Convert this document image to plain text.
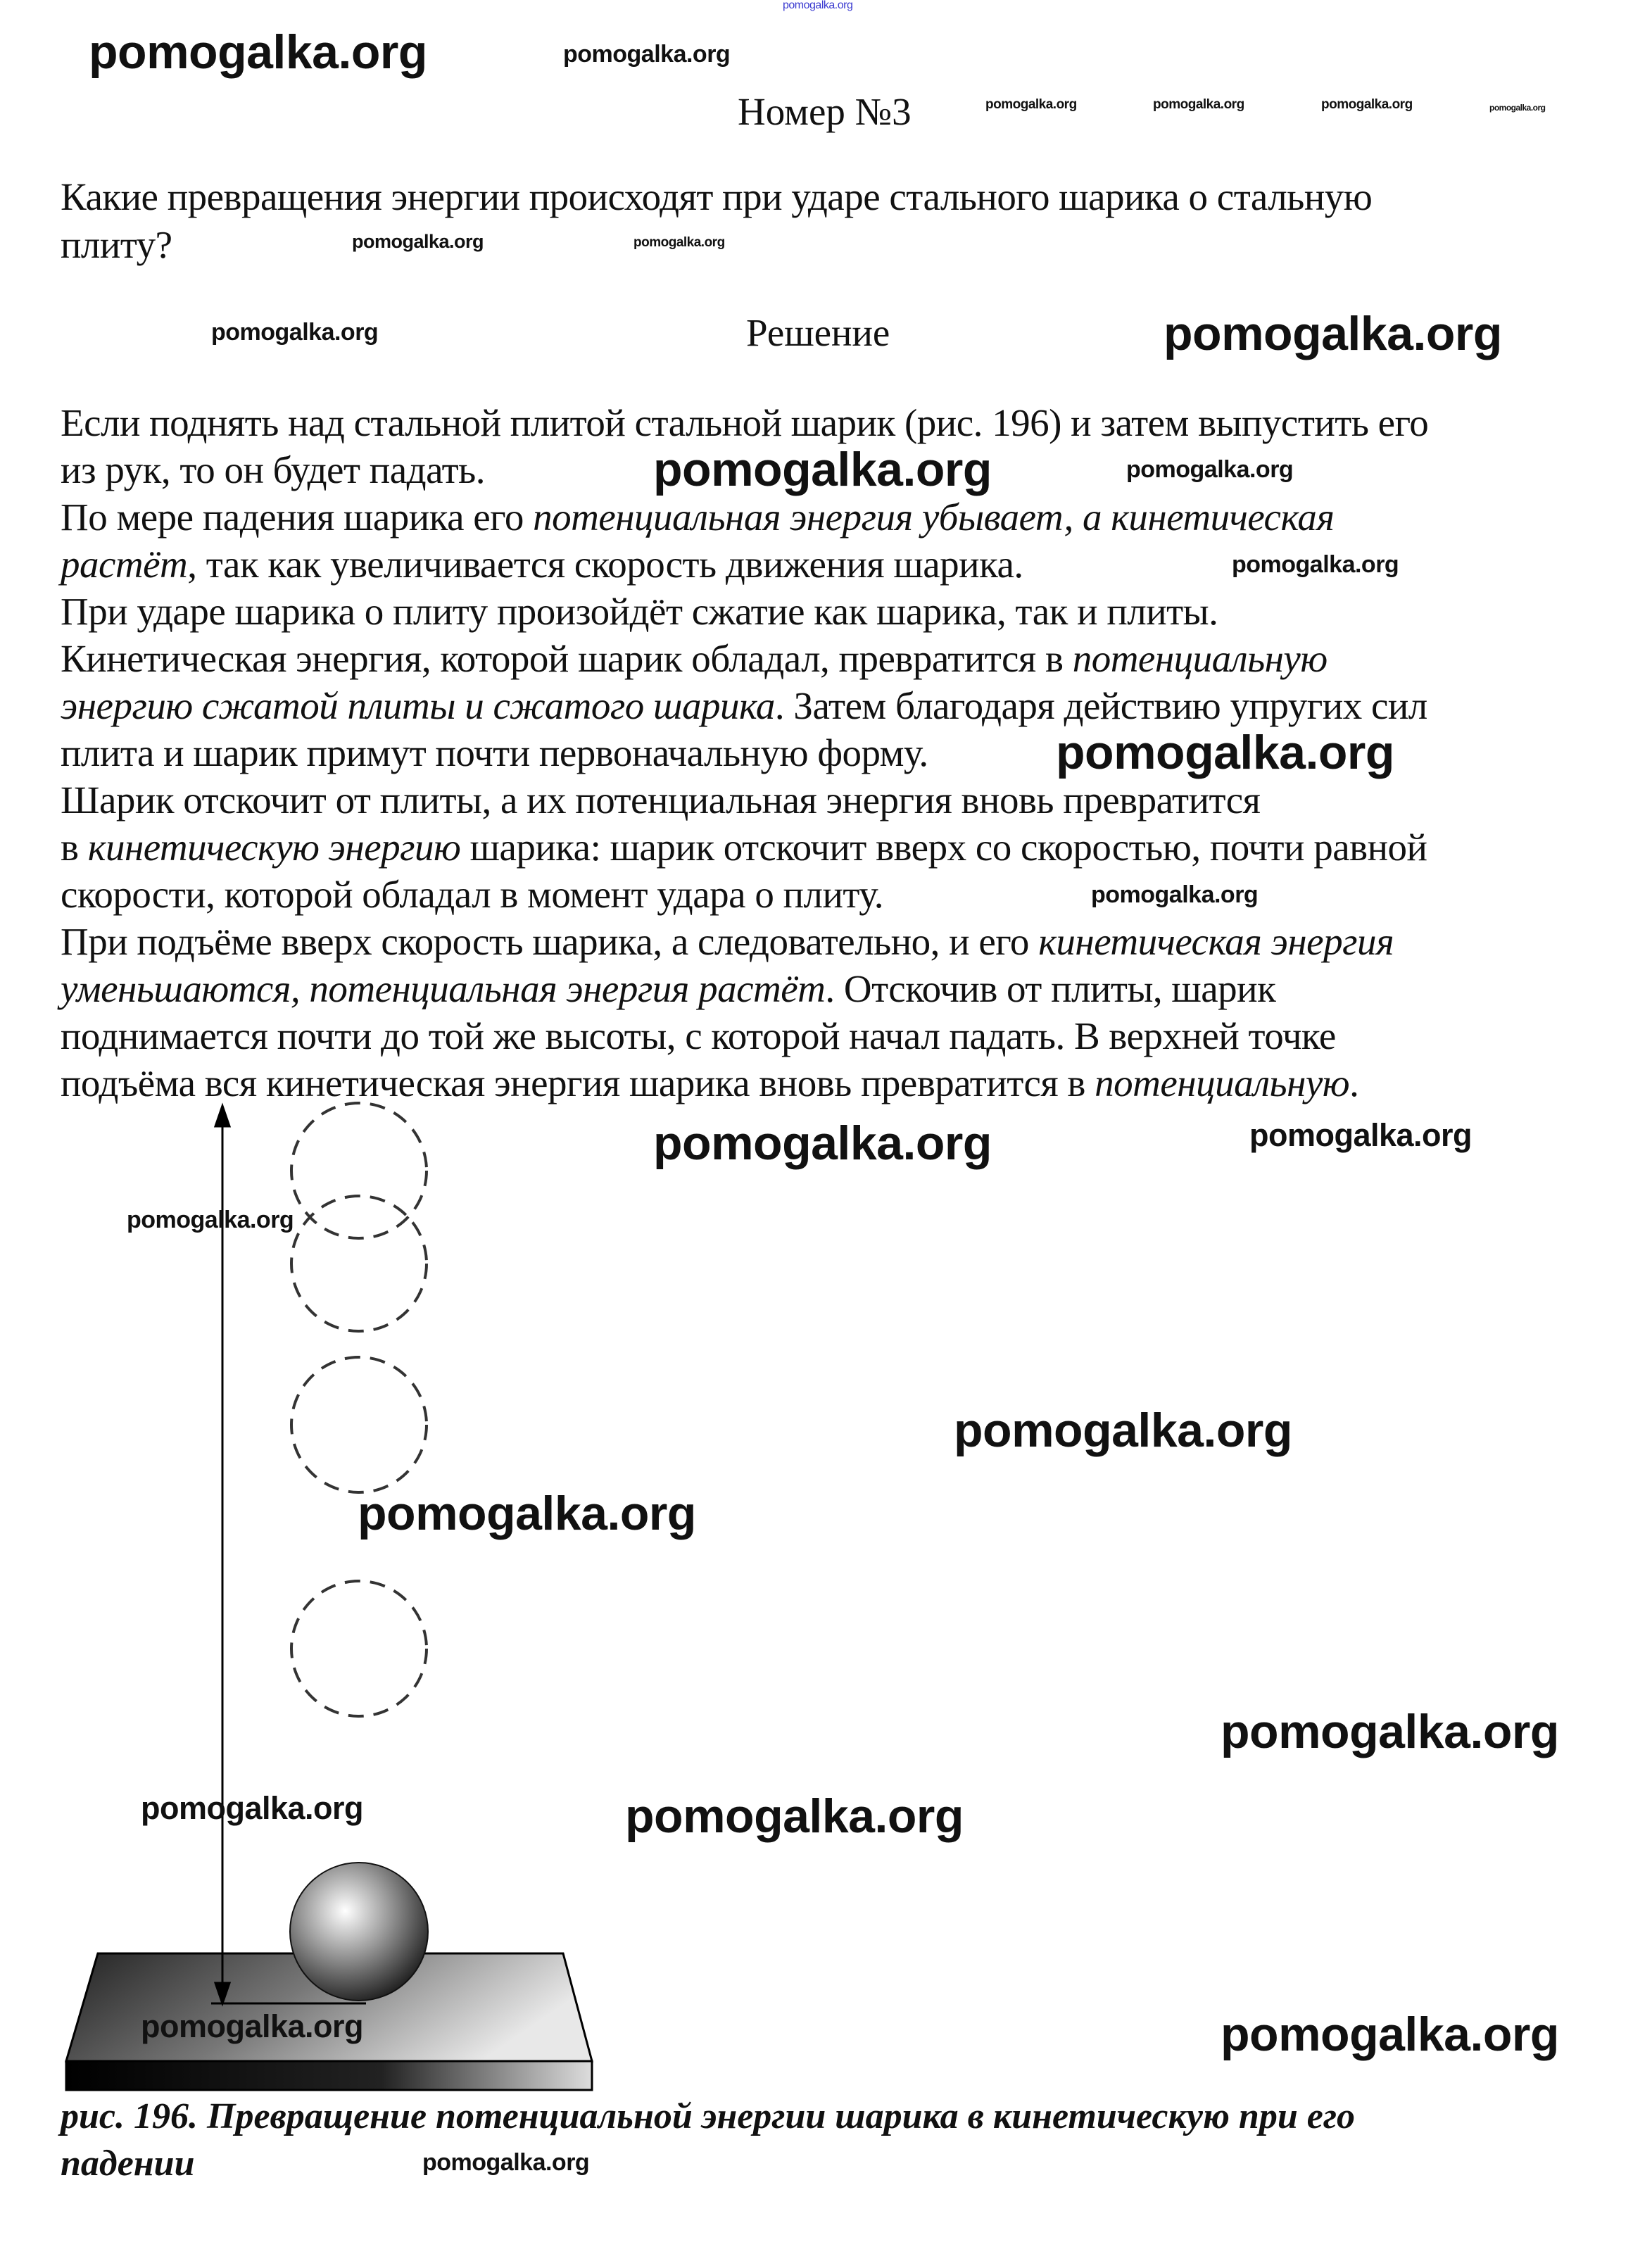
Номер №3
Какие превращения энергии происходят при ударе стального шарика о стальную
плиту?
Решение
Если поднять над стальной плитой стальной шарик (рис. 196) и затем выпустить его
из рук, то он будет падать.
По мере падения шарика его потенциальная энергия убывает, а кинетическая
растёт, так как увеличивается скорость движения шарика.
При ударе шарика о плиту произойдёт сжатие как шарика, так и плиты.
Кинетическая энергия, которой шарик обладал, превратится в потенциальную
энергию сжатой плиты и сжатого шарика. Затем благодаря действию упругих сил
плита и шарик примут почти первоначальную форму.
Шарик отскочит от плиты, а их потенциальная энергия вновь превратится
в кинетическую энергию шарика: шарик отскочит вверх со скоростью, почти равной
скорости, которой обладал в момент удара о плиту.
При подъёме вверх скорость шарика, а следовательно, и его кинетическая энергия
уменьшаются, потенциальная энергия растёт. Отскочив от плиты, шарик
поднимается почти до той же высоты, с которой начал падать. В верхней точке
подъёма вся кинетическая энергия шарика вновь превратится в потенциальную.
рис. 196. Превращение потенциальной энергии шарика в кинетическую при его
падении
pomogalka.org
pomogalka.org	pomogalka.org	pomogalka.org	pomogalka.org
pomogalka.org	pomogalka.org
pomogalka.org
pomogalka.org
pomogalka.org	pomogalka.org
pomogalka.org
pomogalka.org
pomogalka.org
pomogalka.org
pomogalka.org	pomogalka.org
pomogalka.org
pomogalka.org
pomogalka.org
pomogalka.org
pomogalka.org	pomogalka.org
pomogalka.org	pomogalka.org
pomogalka.org
pomogalka.org
